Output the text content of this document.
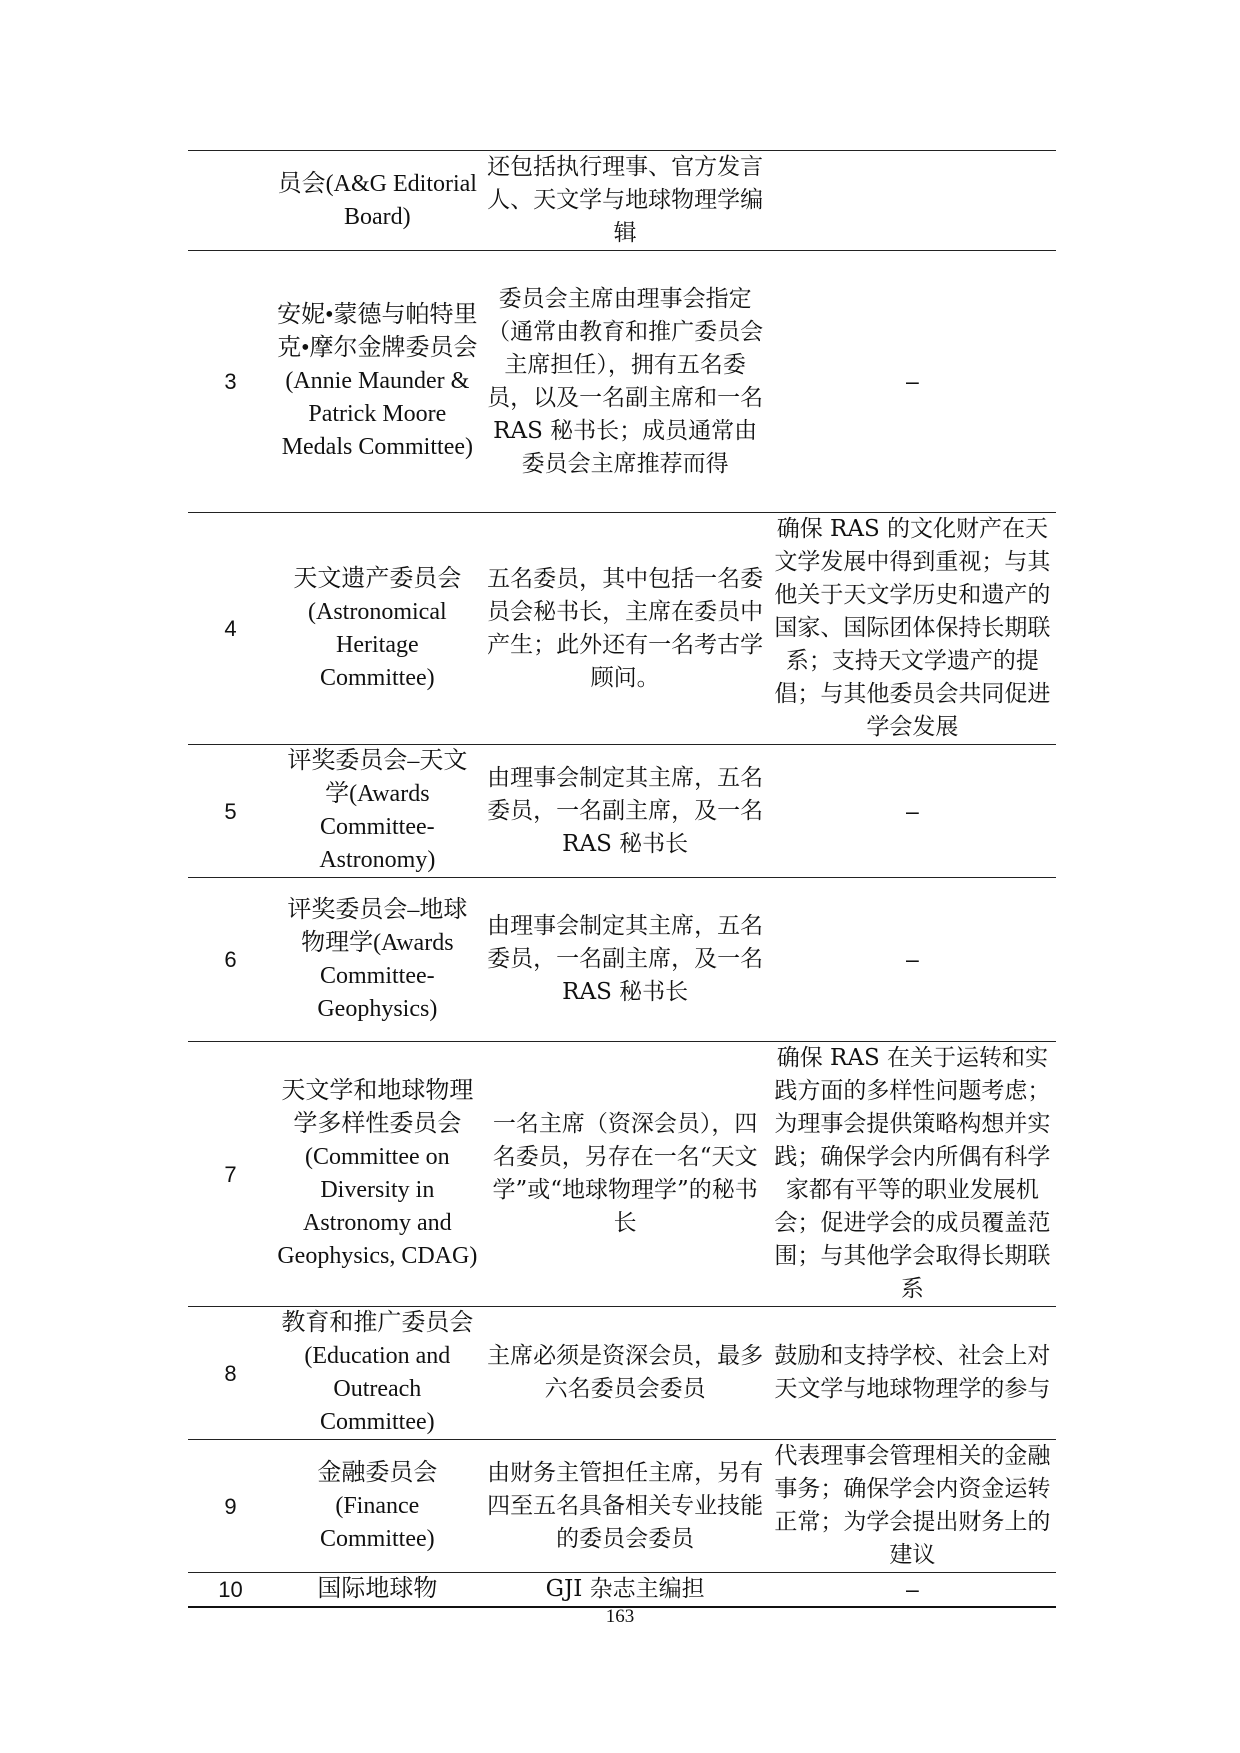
	员会(A&G Editorial Board)	还包括执行理事、官方发言人、天文学与地球物理学编辑	
3	安妮•蒙德与帕特里克•摩尔金牌委员会(Annie Maunder & Patrick Moore Medals Committee)	委员会主席由理事会指定（通常由教育和推广委员会主席担任），拥有五名委员，以及一名副主席和一名 RAS 秘书长；成员通常由委员会主席推荐而得	–
4	天文遗产委员会(Astronomical Heritage Committee)	五名委员，其中包括一名委员会秘书长，主席在委员中产生；此外还有一名考古学顾问。	确保 RAS 的文化财产在天文学发展中得到重视；与其他关于天文学历史和遗产的国家、国际团体保持长期联系；支持天文学遗产的提倡；与其他委员会共同促进学会发展
5	评奖委员会–天文学(Awards Committee-Astronomy)	由理事会制定其主席，五名委员，一名副主席，及一名 RAS 秘书长	–
6	评奖委员会–地球物理学(Awards Committee-Geophysics)	由理事会制定其主席，五名委员，一名副主席，及一名 RAS 秘书长	–
7	天文学和地球物理学多样性委员会(Committee on Diversity in Astronomy and Geophysics, CDAG)	一名主席（资深会员），四名委员，另存在一名“天文学”或“地球物理学”的秘书长	确保 RAS 在关于运转和实践方面的多样性问题考虑；为理事会提供策略构想并实践；确保学会内所偶有科学家都有平等的职业发展机会；促进学会的成员覆盖范围；与其他学会取得长期联系
8	教育和推广委员会(Education and Outreach Committee)	主席必须是资深会员，最多六名委员会委员	鼓励和支持学校、社会上对天文学与地球物理学的参与
9	金融委员会(Finance Committee)	由财务主管担任主席，另有四至五名具备相关专业技能的委员会委员	代表理事会管理相关的金融事务；确保学会内资金运转正常；为学会提出财务上的建议
10	国际地球物	GJI 杂志主编担	–
163
